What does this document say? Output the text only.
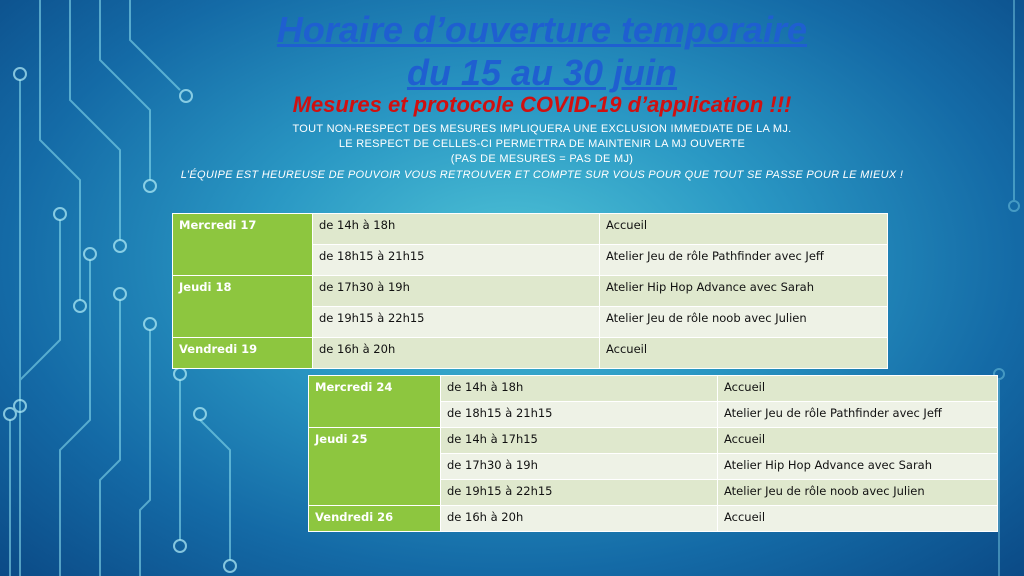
Horaire d’ouverture temporaire
du 15 au 30 juin
Mesures et protocole COVID-19 d’application !!!
TOUT NON-RESPECT DES MESURES IMPLIQUERA UNE EXCLUSION IMMEDIATE DE LA MJ.
LE RESPECT DE CELLES-CI PERMETTRA DE MAINTENIR LA MJ OUVERTE
(PAS DE MESURES = PAS DE MJ)
L’ÉQUIPE EST HEUREUSE DE POUVOIR VOUS RETROUVER ET COMPTE SUR VOUS POUR QUE TOUT SE PASSE POUR LE MIEUX !
Mercredi 17	de 14h à 18h	Accueil
	de 18h15 à 21h15	Atelier Jeu de rôle Pathfinder avec Jeff
Jeudi 18	de 17h30 à 19h	Atelier Hip Hop Advance avec Sarah
	de 19h15 à 22h15	Atelier Jeu de rôle noob avec Julien
Vendredi 19	de 16h à 20h	Accueil
Mercredi 24	de 14h à 18h	Accueil
	de 18h15 à 21h15	Atelier Jeu de rôle Pathfinder avec Jeff
Jeudi 25	de 14h à 17h15	Accueil
	de 17h30 à 19h	Atelier Hip Hop Advance avec Sarah
	de 19h15 à 22h15	Atelier Jeu de rôle noob avec Julien
Vendredi 26	de 16h à 20h	Accueil
